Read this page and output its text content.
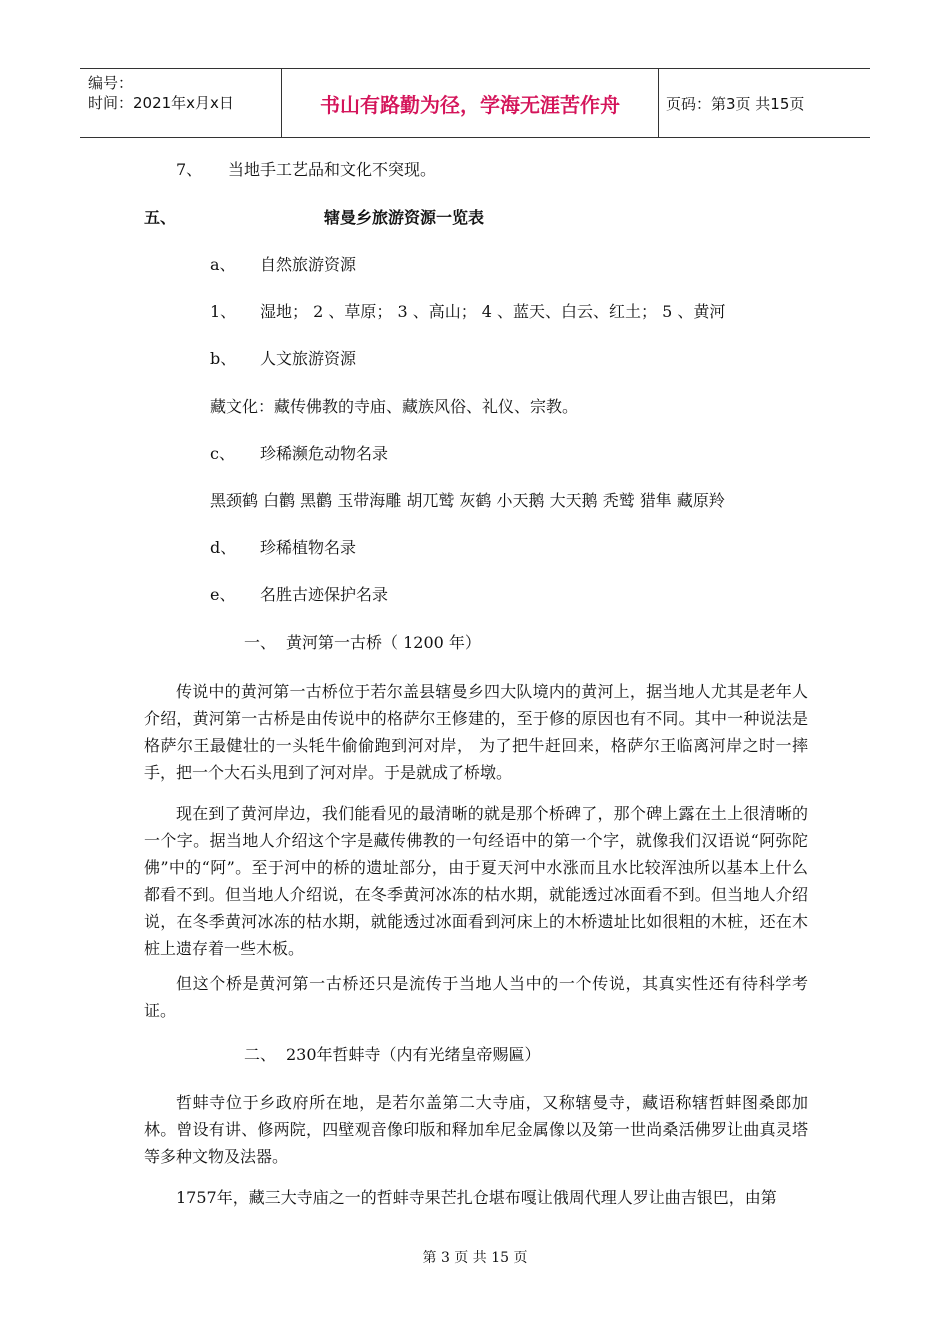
编号：
时间：2021年x月x日	书山有路勤为径，学海无涯苦作舟	页码：第3页 共15页
7、 当地手工艺品和文化不突现。
五、	辖曼乡旅游资源一览表
a、 自然旅游资源
1、 湿地； 2 、草原； 3 、高山； 4 、蓝天、白云、红土； 5 、黄河
b、 人文旅游资源
藏文化：藏传佛教的寺庙、藏族风俗、礼仪、宗教。
c、 珍稀濒危动物名录
黑颈鹤 白鹳 黑鹳 玉带海雕 胡兀鹫 灰鹤 小天鹅 大天鹅 秃鹫 猎隼 藏原羚
d、 珍稀植物名录
e、 名胜古迹保护名录
一、 黄河第一古桥（ 1200 年）
传说中的黄河第一古桥位于若尔盖县辖曼乡四大队境内的黄河上，据当地人尤其是老年人介绍，黄河第一古桥是由传说中的格萨尔王修建的，至于修的原因也有不同。其中一种说法是格萨尔王最健壮的一头牦牛偷偷跑到河对岸， 为了把牛赶回来，格萨尔王临离河岸之时一摔手，把一个大石头甩到了河对岸。于是就成了桥墩。
现在到了黄河岸边，我们能看见的最清晰的就是那个桥碑了，那个碑上露在土上很清晰的一个字。据当地人介绍这个字是藏传佛教的一句经语中的第一个字，就像我们汉语说“阿弥陀佛”中的“阿”。至于河中的桥的遗址部分，由于夏天河中水涨而且水比较浑浊所以基本上什么都看不到。但当地人介绍说，在冬季黄河冰冻的枯水期，就能透过冰面看不到。但当地人介绍说，在冬季黄河冰冻的枯水期，就能透过冰面看到河床上的木桥遗址比如很粗的木桩，还在木桩上遗存着一些木板。
但这个桥是黄河第一古桥还只是流传于当地人当中的一个传说，其真实性还有待科学考证。
二、 230年哲蚌寺（内有光绪皇帝赐匾）
哲蚌寺位于乡政府所在地，是若尔盖第二大寺庙，又称辖曼寺，藏语称辖哲蚌图桑郎加林。曾设有讲、修两院，四壁观音像印版和释加牟尼金属像以及第一世尚桑活佛罗让曲真灵塔等多种文物及法器。
1757年，藏三大寺庙之一的哲蚌寺果芒扎仓堪布嘎让俄周代理人罗让曲吉银巴，由第
第 3 页 共 15 页
